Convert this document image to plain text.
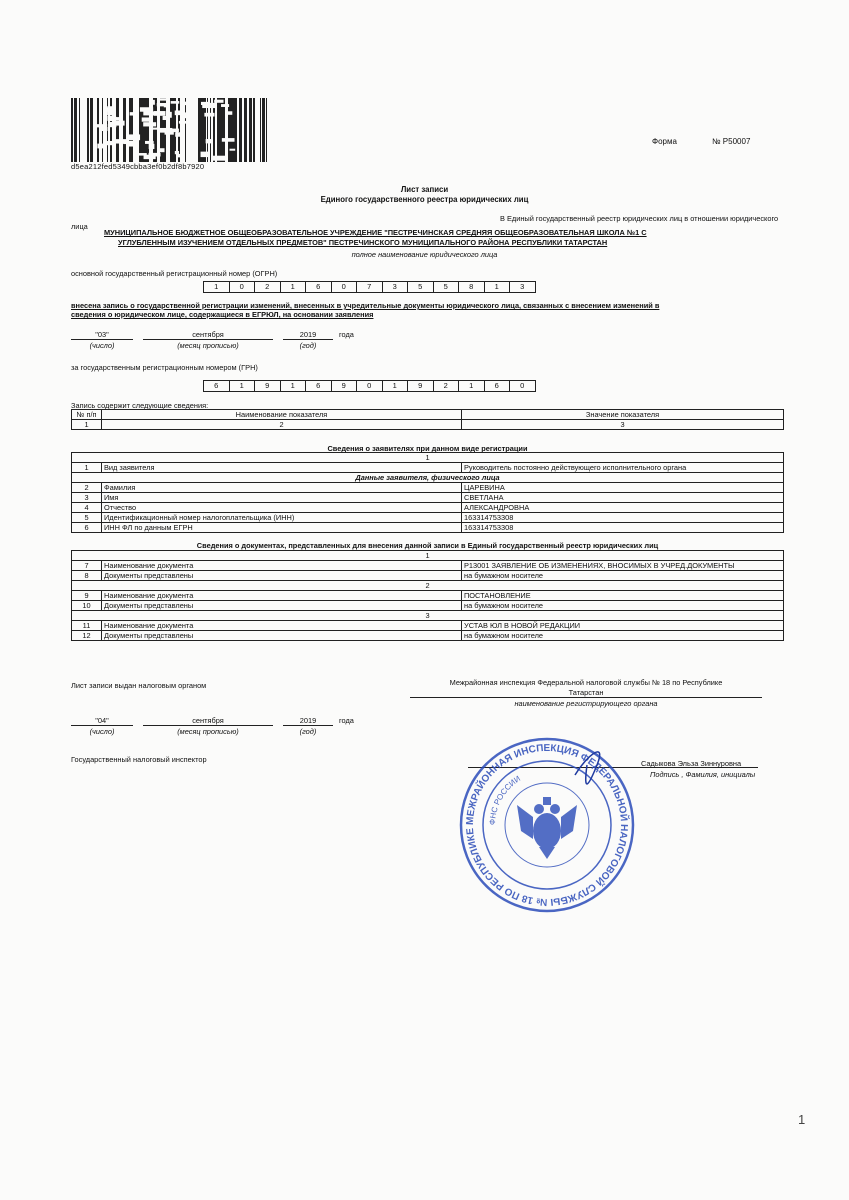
d5ea212fed5349cbba3ef0b2df8b7920
Форма	№ Р50007
Лист записи
Единого государственного реестра юридических лиц
В Единый государственный реестр юридических лиц в отношении юридического
лица
МУНИЦИПАЛЬНОЕ БЮДЖЕТНОЕ ОБЩЕОБРАЗОВАТЕЛЬНОЕ УЧРЕЖДЕНИЕ "ПЕСТРЕЧИНСКАЯ СРЕДНЯЯ ОБЩЕОБРАЗОВАТЕЛЬНАЯ ШКОЛА №1 С
УГЛУБЛЕННЫМ ИЗУЧЕНИЕМ ОТДЕЛЬНЫХ ПРЕДМЕТОВ" ПЕСТРЕЧИНСКОГО МУНИЦИПАЛЬНОГО РАЙОНА РЕСПУБЛИКИ ТАТАРСТАН
полное наименование юридического лица
основной государственный регистрационный номер (ОГРН)
1	0	2	1	6	0	7	3	5	5	8	1	3
внесена запись о государственной регистрации изменений, внесенных в учредительные документы юридического лица, связанных с внесением изменений в
сведения о юридическом лице, содержащиеся в ЕГРЮЛ, на основании заявления
"03"	сентября	2019	года
(число)	(месяц прописью)	(год)
за государственным регистрационным номером (ГРН)
6	1	9	1	6	9	0	1	9	2	1	6	0
Запись содержит следующие сведения:
№ п/п	Наименование показателя	Значение показателя
1	2	3
Сведения о заявителях при данном виде регистрации
1		
1	Вид заявителя	Руководитель постоянно действующего исполнительного органа
Данные заявителя, физического лица		
2	Фамилия	ЦАРЕВИНА
3	Имя	СВЕТЛАНА
4	Отчество	АЛЕКСАНДРОВНА
5	Идентификационный номер налогоплательщика (ИНН)	163314753308
6	ИНН ФЛ по данным ЕГРН	163314753308
Сведения о документах, представленных для внесения данной записи в Единый государственный реестр юридических лиц
1		
7	Наименование документа	Р13001 ЗАЯВЛЕНИЕ ОБ ИЗМЕНЕНИЯХ, ВНОСИМЫХ В УЧРЕД.ДОКУМЕНТЫ
8	Документы представлены	на бумажном носителе
2		
9	Наименование документа	ПОСТАНОВЛЕНИЕ
10	Документы представлены	на бумажном носителе
3		
11	Наименование документа	УСТАВ ЮЛ В НОВОЙ РЕДАКЦИИ
12	Документы представлены	на бумажном носителе
Лист записи выдан налоговым органом	Межрайонная инспекция Федеральной налоговой службы № 18 по Республике
Татарстан
наименование регистрирующего органа
"04"	сентября	2019	года
(число)	(месяц прописью)	(год)
Государственный налоговый инспектор	Садыкова Эльза Зиннуровна
Подпись , Фамилия, инициалы
МЕЖРАЙОННАЯ ИНСПЕКЦИЯ ФЕДЕРАЛЬНОЙ НАЛОГОВОЙ СЛУЖБЫ № 18 ПО РЕСПУБЛИКЕ
ФНС РОССИИ
1
